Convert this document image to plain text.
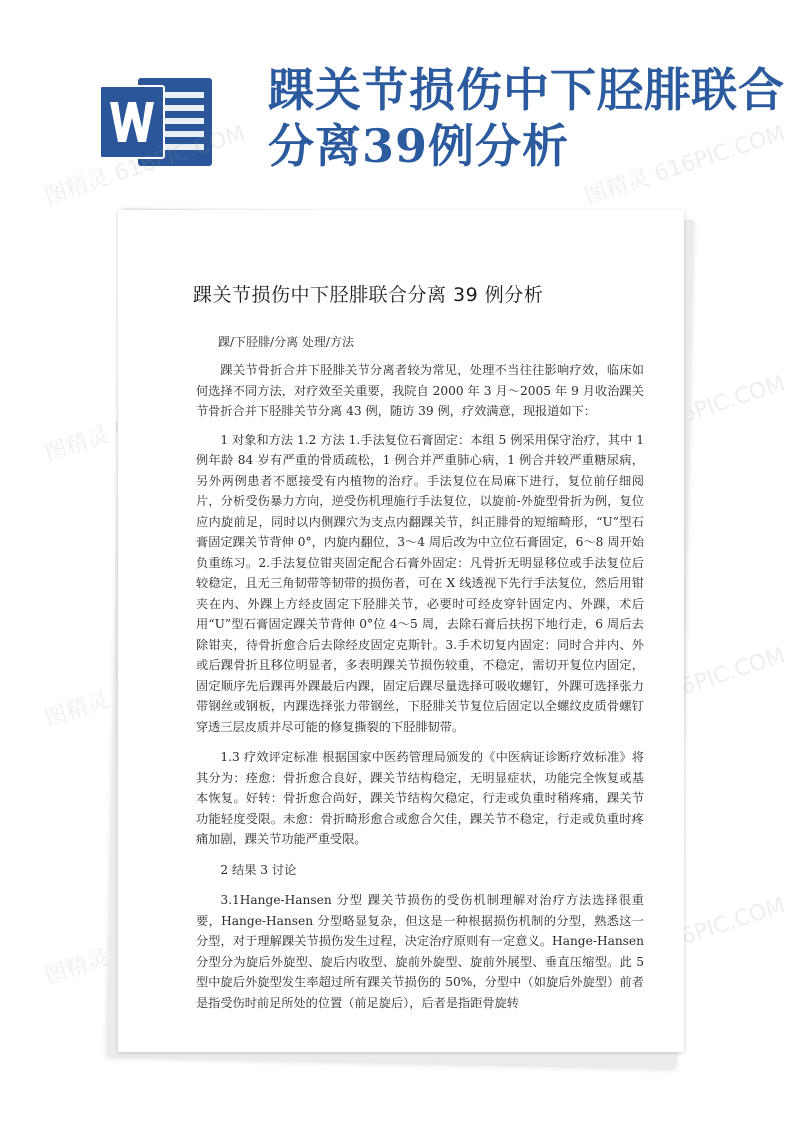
踝关节损伤中下胫腓联合分离39例分析
图精灵
616PIC.COM
图精灵	图精灵 616PIC.COM
图精灵	图精灵 616PIC.COM
踝关节损伤中下胫腓联合分离 39 例分析

踝/下胫腓/分离 处理/方法

踝关节骨折合并下胫腓关节分离者较为常见，处理不当往往影响疗效，临床如何选择不同方法，对疗效至关重要，我院自 2000 年 3 月～2005 年 9 月收治踝关节骨折合并下胫腓关节分离 43 例，随访 39 例，疗效满意，现报道如下：

1 对象和方法 1.2 方法 1.手法复位石膏固定：本组 5 例采用保守治疗，其中 1 例年龄 84 岁有严重的骨质疏松，1 例合并严重肺心病，1 例合并较严重糖尿病，另外两例患者不愿接受有内植物的治疗。手法复位在局麻下进行，复位前仔细阅片，分析受伤暴力方向，逆受伤机理施行手法复位，以旋前-外旋型骨折为例，复位应内旋前足，同时以内侧踝穴为支点内翻踝关节，纠正腓骨的短缩畸形，“U”型石膏固定踝关节背伸 0°，内旋内翻位，3～4 周后改为中立位石膏固定，6～8 周开始负重练习。2.手法复位钳夹固定配合石膏外固定：凡骨折无明显移位或手法复位后较稳定，且无三角韧带等韧带的损伤者，可在 X 线透视下先行手法复位，然后用钳夹在内、外踝上方经皮固定下胫腓关节，必要时可经皮穿针固定内、外踝，术后用“U”型石膏固定踝关节背伸 0°位 4～5 周，去除石膏后扶拐下地行走，6 周后去除钳夹，待骨折愈合后去除经皮固定克斯针。3.手术切复内固定：同时合并内、外或后踝骨折且移位明显者，多表明踝关节损伤较重，不稳定，需切开复位内固定，固定顺序先后踝再外踝最后内踝，固定后踝尽量选择可吸收螺钉，外踝可选择张力带钢丝或钢板，内踝选择张力带钢丝，下胫腓关节复位后固定以全螺纹皮质骨螺钉穿透三层皮质并尽可能的修复撕裂的下胫腓韧带。

1.3 疗效评定标准 根据国家中医药管理局颁发的《中医病证诊断疗效标准》将其分为：痊愈：骨折愈合良好，踝关节结构稳定，无明显症状，功能完全恢复或基本恢复。好转：骨折愈合尚好，踝关节结构欠稳定，行走或负重时稍疼痛，踝关节功能轻度受限。未愈：骨折畸形愈合或愈合欠佳，踝关节不稳定，行走或负重时疼痛加剧，踝关节功能严重受限。

2 结果 3 讨论

3.1Hange-Hansen 分型 踝关节损伤的受伤机制理解对治疗方法选择很重要，Hange-Hansen 分型略显复杂，但这是一种根据损伤机制的分型，熟悉这一分型，对于理解踝关节损伤发生过程，决定治疗原则有一定意义。Hange-Hansen 分型分为旋后外旋型、旋后内收型、旋前外旋型、旋前外展型、垂直压缩型。此 5 型中旋后外旋型发生率超过所有踝关节损伤的 50%，分型中（如旋后外旋型）前者是指受伤时前足所处的位置（前足旋后），后者是指距骨旋转
